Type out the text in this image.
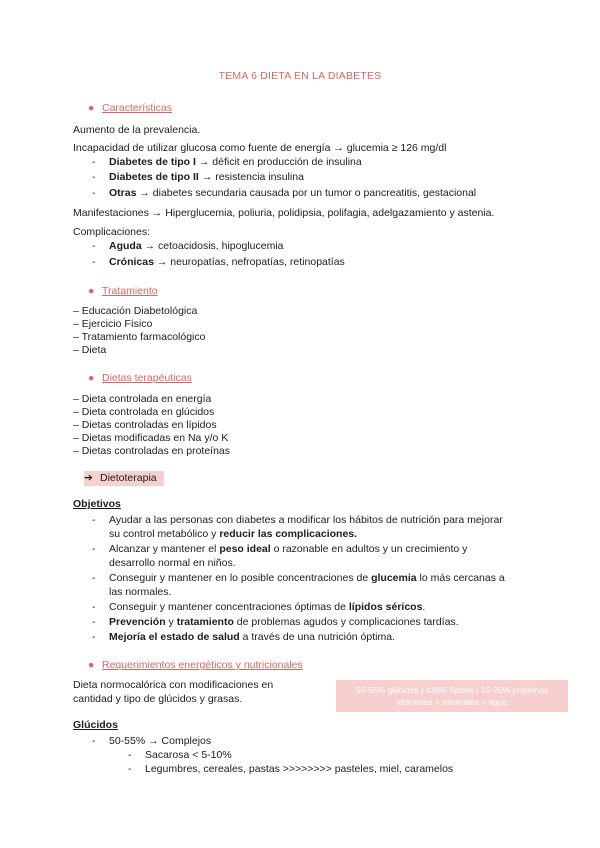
TEMA 6 DIETA EN LA DIABETES
● Características
Aumento de la prevalencia.
Incapacidad de utilizar glucosa como fuente de energía → glucemia ≥ 126 mg/dl
- Diabetes de tipo I → déficit en producción de insulina
- Diabetes de tipo II → resistencia insulina
- Otras → diabetes secundaria causada por un tumor o pancreatitis, gestacional
Manifestaciones → Hiperglucemia, poliuria, polidipsia, polifagia, adelgazamiento y astenia.
Complicaciones:
- Aguda → cetoacidosis, hipoglucemia
- Crónicas → neuropatías, nefropatías, retinopatías
● Tratamiento
– Educación Diabetológica
– Ejercicio Físico
– Tratamiento farmacológico
– Dieta
● Dietas terapéuticas
– Dieta controlada en energía
– Dieta controlada en glúcidos
– Dietas controladas en lípidos
– Dietas modificadas en Na y/o K
– Dietas controladas en proteínas
➔ Dietoterapia
Objetivos
- Ayudar a las personas con diabetes a modificar los hábitos de nutrición para mejorar
su control metabólico y reducir las complicaciones.
- Alcanzar y mantener el peso ideal o razonable en adultos y un crecimiento y
desarrollo normal en niños.
- Conseguir y mantener en lo posible concentraciones de glucemia lo más cercanas a
las normales.
- Conseguir y mantener concentraciones óptimas de lípidos séricos.
- Prevención y tratamiento de problemas agudos y complicaciones tardías.
- Mejoría el estado de salud a través de una nutrición óptima.
● Requerimientos energéticos y nutricionales
Dieta normocalórica con modificaciones en
cantidad y tipo de glúcidos y grasas.
50-55% glúcidos | ≤30% lípidos | 15-20% proteínas
vitaminas + minerales + agua
Glúcidos
- 50-55% → Complejos
- Sacarosa < 5-10%
- Legumbres, cereales, pastas >>>>>>>> pasteles, miel, caramelos
